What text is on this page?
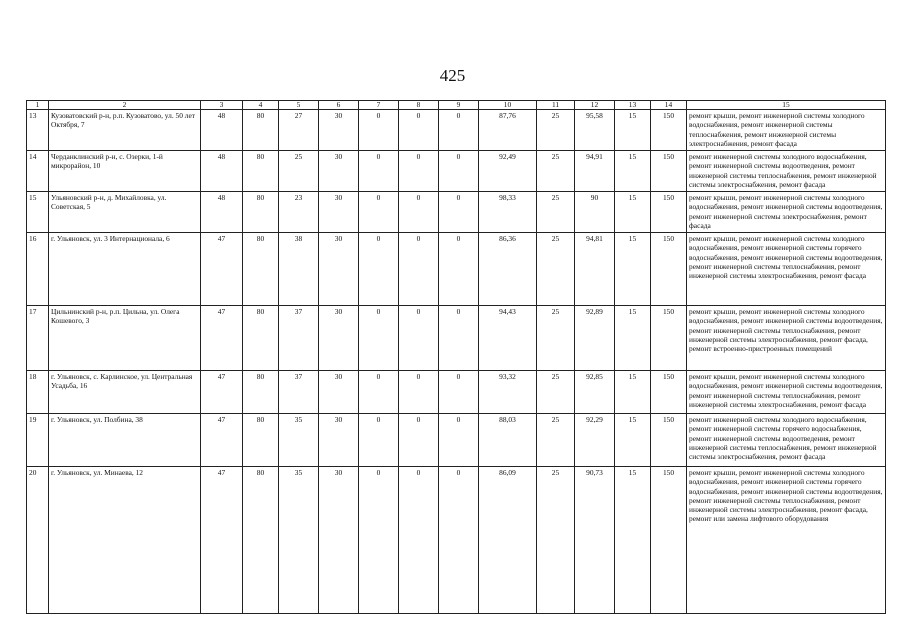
425
1	2	3	4	5	6	7	8	9	10	11	12	13	14	15
13	Кузоватовский р-н, р.п. Кузоватово, ул. 50 лет Октября, 7	48	80	27	30	0	0	0	87,76	25	95,58	15	150	ремонт крыши, ремонт инженерной системы холодного водоснабжения, ремонт инженерной системы теплоснабжения, ремонт инженерной системы электроснабжения, ремонт фасада
14	Черданклинский р-н, с. Озерки, 1-й микрорайон, 10	48	80	25	30	0	0	0	92,49	25	94,91	15	150	ремонт инженерной системы холодного водоснабжения, ремонт инженерной системы водоотведения, ремонт инженерной системы теплоснабжения, ремонт инженерной системы электроснабжения, ремонт фасада
15	Ульяновский р-н, д. Михайловка, ул. Советская, 5	48	80	23	30	0	0	0	98,33	25	90	15	150	ремонт крыши, ремонт инженерной системы холодного водоснабжения, ремонт инженерной системы водоотведения, ремонт инженерной системы электроснабжения, ремонт фасада
16	г. Ульяновск, ул. 3 Интернационала, 6	47	80	38	30	0	0	0	86,36	25	94,81	15	150	ремонт крыши, ремонт инженерной системы холодного водоснабжения, ремонт инженерной системы горячего водоснабжения, ремонт инженерной системы водоотведения, ремонт инженерной системы теплоснабжения, ремонт инженерной системы электроснабжения, ремонт фасада
17	Цильнинский р-н, р.п. Цильна, ул. Олега Кошевого, 3	47	80	37	30	0	0	0	94,43	25	92,89	15	150	ремонт крыши, ремонт инженерной системы холодного водоснабжения, ремонт инженерной системы водоотведения, ремонт инженерной системы теплоснабжения, ремонт инженерной системы электроснабжения, ремонт фасада, ремонт встроенно-пристроенных помещений
18	г. Ульяновск, с. Карлинское, ул. Центральная Усадьба, 16	47	80	37	30	0	0	0	93,32	25	92,85	15	150	ремонт крыши, ремонт инженерной системы холодного водоснабжения, ремонт инженерной системы водоотведения, ремонт инженерной системы теплоснабжения, ремонт инженерной системы электроснабжения, ремонт фасада
19	г. Ульяновск, ул. Полбина, 38	47	80	35	30	0	0	0	88,03	25	92,29	15	150	ремонт инженерной системы холодного водоснабжения, ремонт инженерной системы горячего водоснабжения, ремонт инженерной системы водоотведения, ремонт инженерной системы теплоснабжения, ремонт инженерной системы электроснабжения, ремонт фасада
20	г. Ульяновск, ул. Минаева, 12	47	80	35	30	0	0	0	86,09	25	90,73	15	150	ремонт крыши, ремонт инженерной системы холодного водоснабжения, ремонт инженерной системы горячего водоснабжения, ремонт инженерной системы водоотведения, ремонт инженерной системы теплоснабжения, ремонт инженерной системы электроснабжения, ремонт фасада, ремонт или замена лифтового оборудования
